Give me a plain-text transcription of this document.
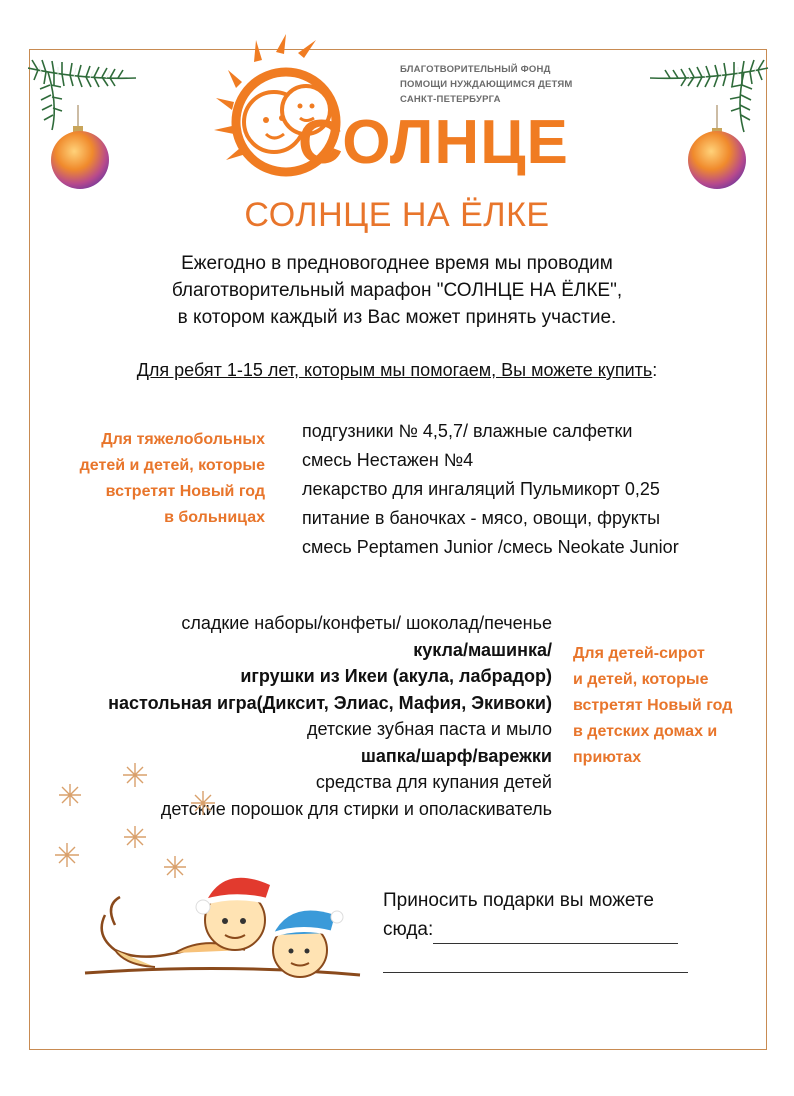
БЛАГОТВОРИТЕЛЬНЫЙ ФОНД
ПОМОЩИ НУЖДАЮЩИМСЯ ДЕТЯМ
САНКТ-ПЕТЕРБУРГА
СОЛНЦЕ
СОЛНЦЕ НА ЁЛКЕ
Ежегодно в предновогоднее время мы проводим
благотворительный марафон "СОЛНЦЕ НА ЁЛКЕ",
в котором каждый из Вас может принять участие.
Для ребят 1-15 лет, которым мы помогаем, Вы можете купить:
Для тяжелобольных
детей и детей, которые
встретят Новый год
в больницах
подгузники № 4,5,7/ влажные салфетки
смесь Нестажен №4
лекарство для ингаляций Пульмикорт 0,25
питание в баночках - мясо, овощи, фрукты
смесь Peptamen Junior /смесь Neokate Junior
сладкие наборы/конфеты/ шоколад/печенье
кукла/машинка/
игрушки из Икеи (акула, лабрадор)
настольная игра(Диксит, Элиас, Мафия, Экивоки)
детские зубная паста и мыло
шапка/шарф/варежки
средства для купания детей
детские порошок для стирки и ополаскиватель
Для детей-сирот
и детей, которые
встретят Новый год
в детских домах и
приютах
Приносить подарки вы можете
сюда:
